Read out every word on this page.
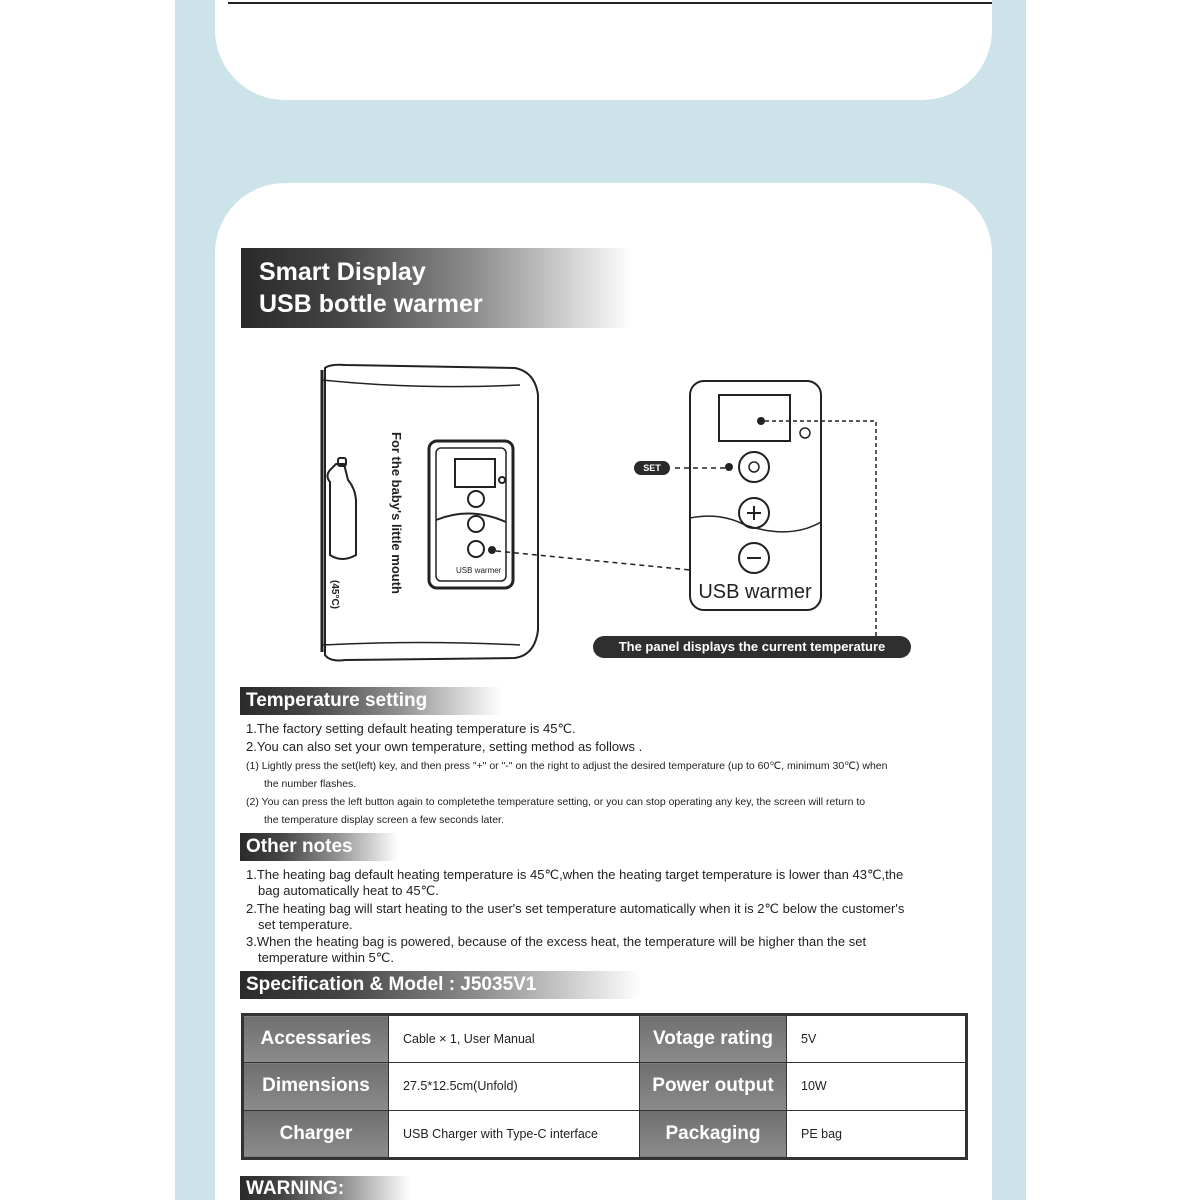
Smart Display
USB bottle warmer
For the baby's little mouth
(45°C)
USB warmer
USB warmer
SET
The panel displays the current temperature
Temperature setting
1.The factory setting default heating temperature is 45℃.
2.You can also set your own temperature, setting method as follows .
(1) Lightly press the set(left) key, and then press "+" or "-" on the right to adjust the desired temperature (up to 60℃, minimum 30℃) when
the number flashes.
(2) You can press the left button again to completethe temperature setting, or you can stop operating any key, the screen will return to
the temperature display screen a few seconds later.
Other notes
1.The heating bag default heating temperature is 45℃,when the heating target temperature is lower than 43℃,the
bag automatically heat to 45℃.
2.The heating bag will start heating to the user's set temperature automatically when it is 2℃ below the customer's
set temperature.
3.When the heating bag is powered, because of the excess heat, the temperature will be higher than the set
temperature within 5℃.
Specification & Model : J5035V1
Accessaries	Cable × 1, User Manual	Votage rating	5V
Dimensions	27.5*12.5cm(Unfold)	Power output	10W
Charger	USB Charger with Type-C interface	Packaging	PE bag
WARNING:
